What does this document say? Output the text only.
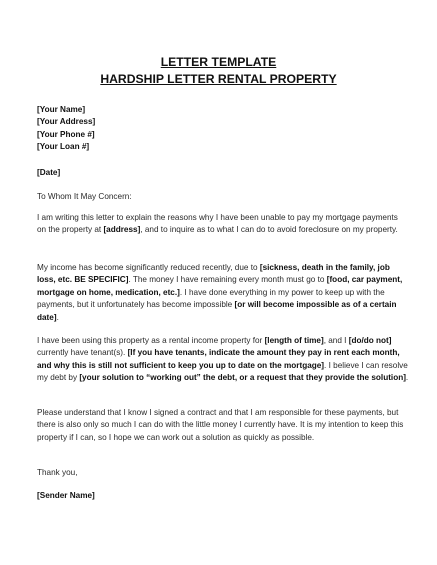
LETTER TEMPLATE
HARDSHIP LETTER RENTAL PROPERTY
[Your Name]
[Your Address]
[Your Phone #]
[Your Loan #]
[Date]
To Whom It May Concern:
I am writing this letter to explain the reasons why I have been unable to pay my mortgage payments on the property at [address], and to inquire as to what I can do to avoid foreclosure on my property.
My income has become significantly reduced recently, due to [sickness, death in the family, job loss, etc. BE SPECIFIC]. The money I have remaining every month must go to [food, car payment, mortgage on home, medication, etc.]. I have done everything in my power to keep up with the payments, but it unfortunately has become impossible [or will become impossible as of a certain date].
I have been using this property as a rental income property for [length of time], and I [do/do not] currently have tenant(s). [If you have tenants, indicate the amount they pay in rent each month, and why this is still not sufficient to keep you up to date on the mortgage]. I believe I can resolve my debt by [your solution to “working out” the debt, or a request that they provide the solution].
Please understand that I know I signed a contract and that I am responsible for these payments, but there is also only so much I can do with the little money I currently have. It is my intention to keep this property if I can, so I hope we can work out a solution as quickly as possible.
Thank you,
[Sender Name]
